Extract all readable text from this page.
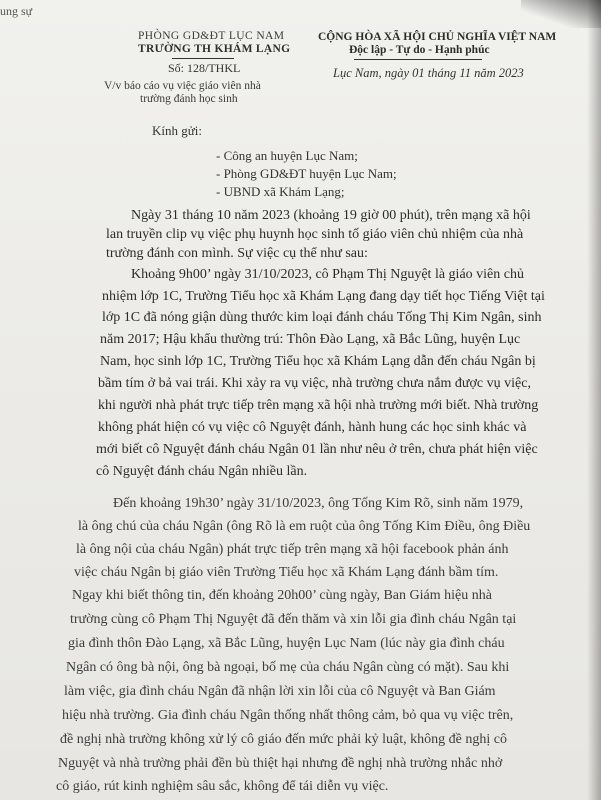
ung sự
PHÒNG GD&ĐT LỤC NAM
TRƯỜNG TH KHÁM LẠNG
CỘNG HÒA XÃ HỘI CHỦ NGHĨA VIỆT NAM
Độc lập - Tự do - Hạnh phúc
Số: 128/THKL	Lục Nam, ngày 01 tháng 11 năm 2023
V/v báo cáo vụ việc giáo viên nhà
trường đánh học sinh
Kính gửi:
- Công an huyện Lục Nam;
- Phòng GD&ĐT huyện Lục Nam;
- UBND xã Khám Lạng;
Ngày 31 tháng 10 năm 2023 (khoảng 19 giờ 00 phút), trên mạng xã hội
lan truyền clip vụ việc phụ huynh học sinh tố giáo viên chủ nhiệm của nhà
trường đánh con mình. Sự việc cụ thể như sau:
Khoảng 9h00’ ngày 31/10/2023, cô Phạm Thị Nguyệt là giáo viên chủ
nhiệm lớp 1C, Trường Tiểu học xã Khám Lạng đang dạy tiết học Tiếng Việt tại
lớp 1C đã nóng giận dùng thước kim loại đánh cháu Tống Thị Kim Ngân, sinh
năm 2017; Hậu khẩu thường trú: Thôn Đào Lạng, xã Bắc Lũng, huyện Lục
Nam, học sinh lớp 1C, Trường Tiểu học xã Khám Lạng dẫn đến cháu Ngân bị
bầm tím ở bả vai trái. Khi xảy ra vụ việc, nhà trường chưa nắm được vụ việc,
khi người nhà phát trực tiếp trên mạng xã hội nhà trường mới biết. Nhà trường
không phát hiện có vụ việc cô Nguyệt đánh, hành hung các học sinh khác và
mới biết cô Nguyệt đánh cháu Ngân 01 lần như nêu ở trên, chưa phát hiện việc
cô Nguyệt đánh cháu Ngân nhiều lần.
Đến khoảng 19h30’ ngày 31/10/2023, ông Tống Kim Rõ, sinh năm 1979,
là ông chú của cháu Ngân (ông Rõ là em ruột của ông Tống Kim Điều, ông Điều
là ông nội của cháu Ngân) phát trực tiếp trên mạng xã hội facebook phản ánh
việc cháu Ngân bị giáo viên Trường Tiểu học xã Khám Lạng đánh bầm tím.
Ngay khi biết thông tin, đến khoảng 20h00’ cùng ngày, Ban Giám hiệu nhà
trường cùng cô Phạm Thị Nguyệt đã đến thăm và xin lỗi gia đình cháu Ngân tại
gia đình thôn Đào Lạng, xã Bắc Lũng, huyện Lục Nam (lúc này gia đình cháu
Ngân có ông bà nội, ông bà ngoại, bố mẹ của cháu Ngân cùng có mặt). Sau khi
làm việc, gia đình cháu Ngân đã nhận lời xin lỗi của cô Nguyệt và Ban Giám
hiệu nhà trường. Gia đình cháu Ngân thống nhất thông cảm, bỏ qua vụ việc trên,
đề nghị nhà trường không xử lý cô giáo đến mức phải kỷ luật, không đề nghị cô
Nguyệt và nhà trường phải đền bù thiệt hại nhưng đề nghị nhà trường nhắc nhở
cô giáo, rút kinh nghiệm sâu sắc, không để tái diễn vụ việc.
